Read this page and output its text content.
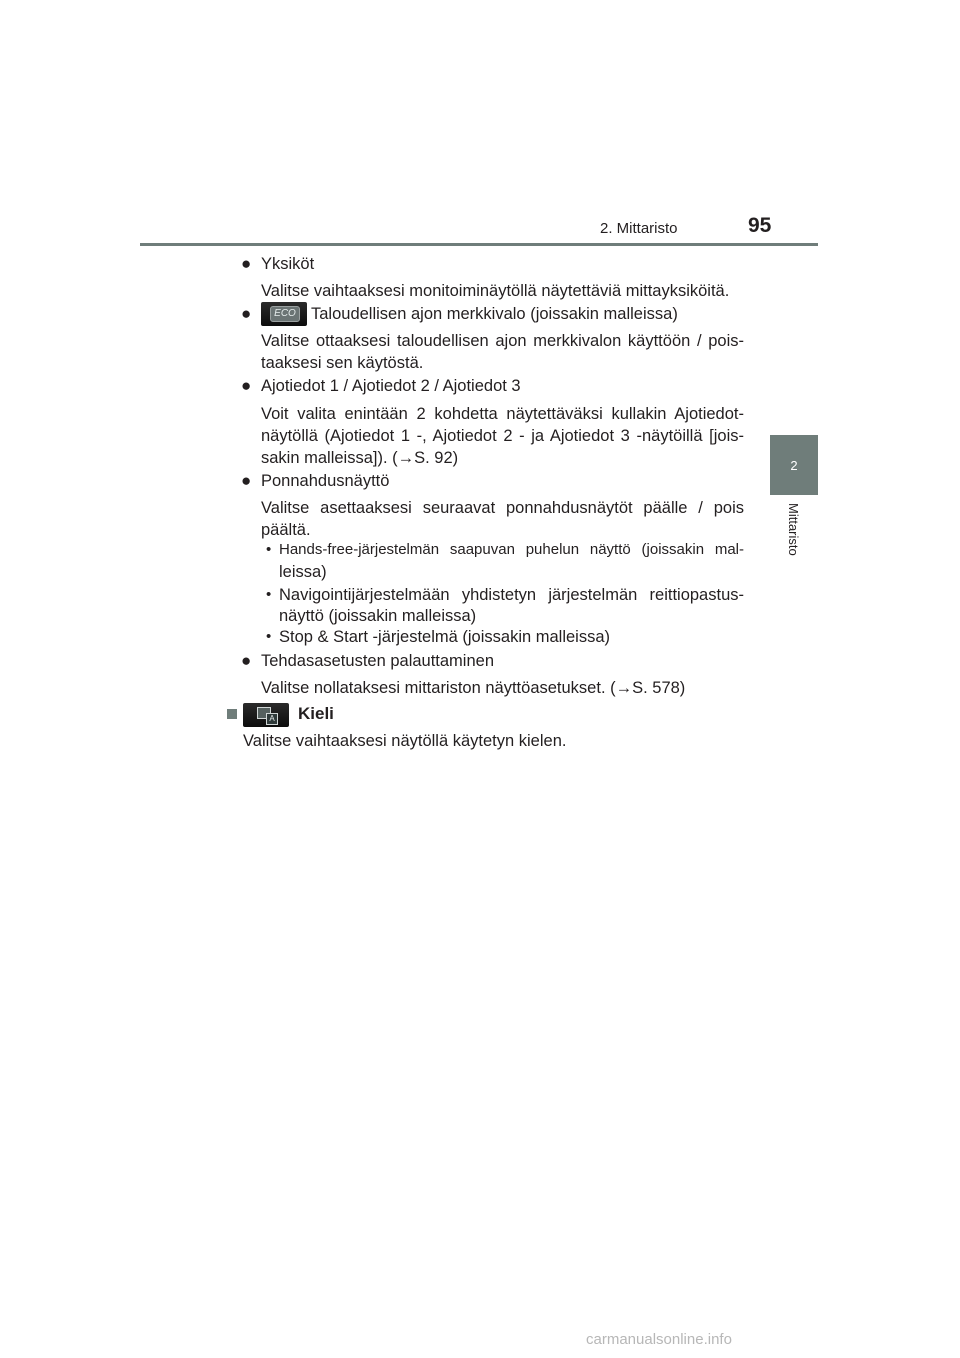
2. Mittaristo	95
2
Mittaristo
● Yksiköt
Valitse vaihtaaksesi monitoiminäytöllä näytettäviä mittayksiköitä.
●	ECO Taloudellisen ajon merkkivalo (joissakin malleissa)
Valitse ottaaksesi taloudellisen ajon merkkivalon käyttöön / pois-
taaksesi sen käytöstä.
● Ajotiedot 1 / Ajotiedot 2 / Ajotiedot 3
Voit valita enintään 2 kohdetta näytettäväksi kullakin Ajotiedot-
näytöllä (Ajotiedot 1 -, Ajotiedot 2 - ja Ajotiedot 3 -näytöillä [jois-
sakin malleissa]). (→S. 92)
● Ponnahdusnäyttö
Valitse asettaaksesi seuraavat ponnahdusnäytöt päälle / pois
päältä.
• Hands-free-järjestelmän saapuvan puhelun näyttö (joissakin mal-
leissa)
• Navigointijärjestelmään yhdistetyn järjestelmän reittiopastus-
näyttö (joissakin malleissa)
• Stop & Start -järjestelmä (joissakin malleissa)
● Tehdasasetusten palauttaminen
Valitse nollataksesi mittariston näyttöasetukset. (→S. 578)
A Kieli
Valitse vaihtaaksesi näytöllä käytetyn kielen.
carmanualsonline.info
